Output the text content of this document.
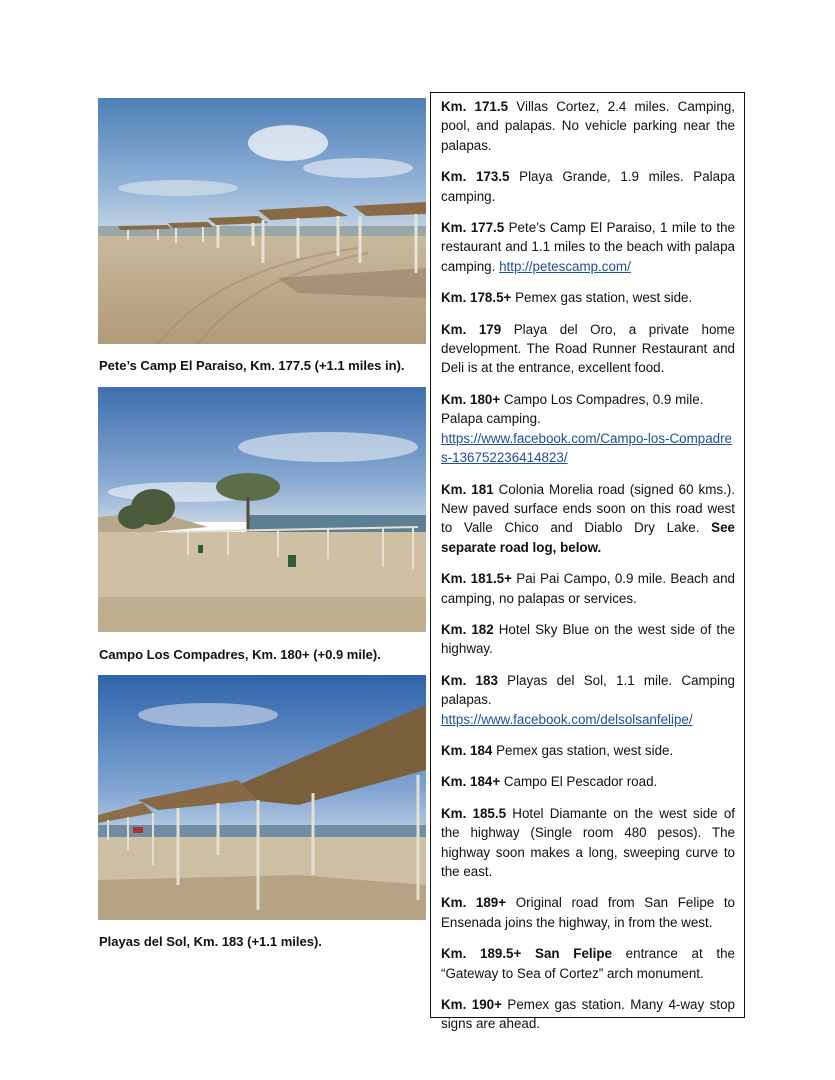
Pete’s Camp El Paraiso, Km. 177.5 (+1.1 miles in).
Campo Los Compadres, Km. 180+ (+0.9 mile).
Playas del Sol, Km. 183 (+1.1 miles).

Km. 171.5 Villas Cortez, 2.4 miles. Camping, pool, and palapas. No vehicle parking near the palapas.

Km. 173.5 Playa Grande, 1.9 miles. Palapa camping.

Km. 177.5 Pete’s Camp El Paraiso, 1 mile to the restaurant and 1.1 miles to the beach with palapa camping. http://petescamp.com/

Km. 178.5+ Pemex gas station, west side.

Km. 179 Playa del Oro, a private home development. The Road Runner Restaurant and Deli is at the entrance, excellent food.

Km. 180+ Campo Los Compadres, 0.9 mile. Palapa camping.
https://www.facebook.com/Campo-los-Compadres-136752236414823/

Km. 181 Colonia Morelia road (signed 60 kms.). New paved surface ends soon on this road west to Valle Chico and Diablo Dry Lake. See separate road log, below.

Km. 181.5+ Pai Pai Campo, 0.9 mile. Beach and camping, no palapas or services.

Km. 182 Hotel Sky Blue on the west side of the highway.

Km. 183 Playas del Sol, 1.1 mile. Camping palapas.
https://www.facebook.com/delsolsanfelipe/

Km. 184 Pemex gas station, west side.

Km. 184+ Campo El Pescador road.

Km. 185.5 Hotel Diamante on the west side of the highway (Single room 480 pesos). The highway soon makes a long, sweeping curve to the east.

Km. 189+ Original road from San Felipe to Ensenada joins the highway, in from the west.

Km. 189.5+ San Felipe entrance at the “Gateway to Sea of Cortez” arch monument.

Km. 190+ Pemex gas station. Many 4-way stop signs are ahead.
